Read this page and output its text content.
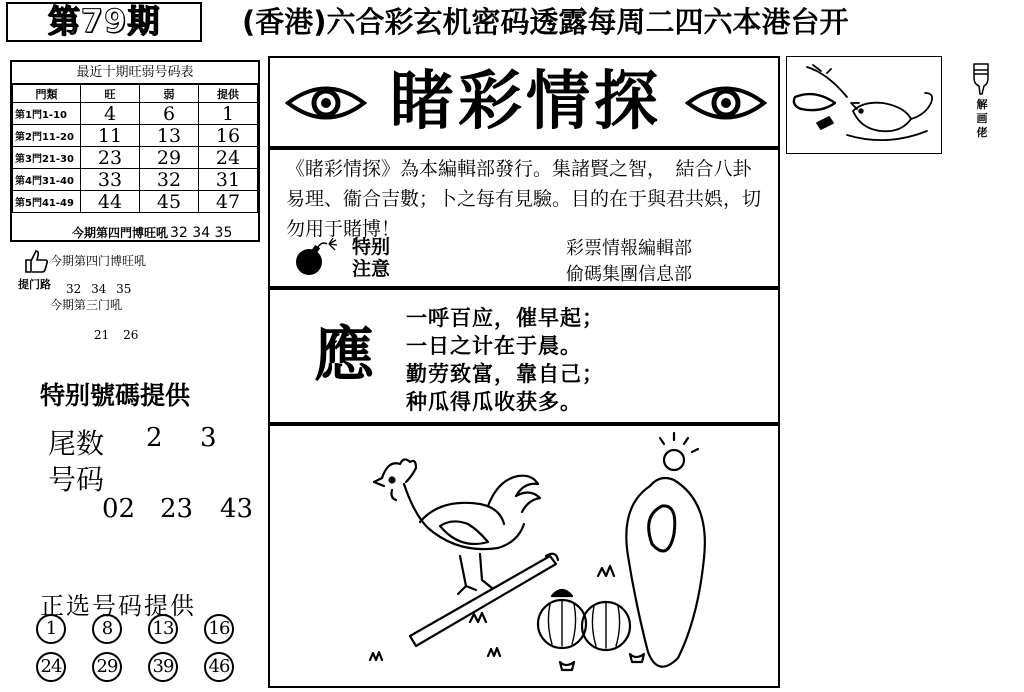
第79期	(香港)六合彩玄机密码透露每周二四六本港台开
最近十期旺弱号码表
門類	旺	弱	提供
第1門1-10	4	6	1
第2門11-20	11	13	16
第3門21-30	23	29	24
第4門31-40	33	32	31
第5門41-49	44	45	47
提门路
今期第四門博旺吼 32 34 35
今期第四门博旺吼
32 34 35
今期第三门吼
21 26
特别號碼提供
尾数 2 3
号码
02 23 43
正选号码提供
1	8	13 16
24 29 39 46
睹彩情探
《睹彩情探》為本編輯部發行。集諸賢之智，　結合八卦易理、衞合吉數；卜之每有見驗。目的在于與君共娯，切勿用于賭博！
特别
注意
彩票情報編輯部
偷碼集團信息部
應
一呼百应，催早起；
一日之计在于晨。
勤劳致富，靠自己；
种瓜得瓜收获多。
解画佬
